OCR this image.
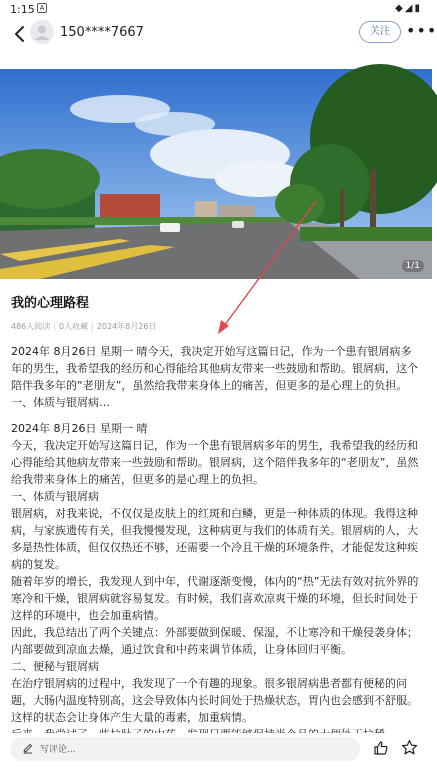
1:15 A	◆◢▮
150****7667	关注	•••
1/1
我的心理路程
486人阅读 | 0人收藏 | 2024年8月26日

2024年 8月26日 星期一 晴今天，我决定开始写这篇日记，作为一个患有银屑病多年的男生，我希望我的经历和心得能给其他病友带来一些鼓励和帮助。银屑病，这个陪伴我多年的“老朋友”，虽然给我带来身体上的痛苦，但更多的是心理上的负担。一、体质与银屑病…

2024年 8月26日 星期一 晴

今天，我决定开始写这篇日记，作为一个患有银屑病多年的男生，我希望我的经历和心得能给其他病友带来一些鼓励和帮助。银屑病，这个陪伴我多年的“老朋友”，虽然给我带来身体上的痛苦，但更多的是心理上的负担。

一、体质与银屑病

银屑病，对我来说，不仅仅是皮肤上的红斑和白鳞，更是一种体质的体现。我得这种病，与家族遗传有关，但我慢慢发现，这种病更与我们的体质有关。银屑病的人，大多是热性体质，但仅仅热还不够，还需要一个冷且干燥的环境条件，才能促发这种疾病的复发。

随着年岁的增长，我发现人到中年，代谢逐渐变慢，体内的“热”无法有效对抗外界的寒冷和干燥，银屑病就容易复发。有时候，我们喜欢凉爽干燥的环境，但长时间处于这样的环境中，也会加重病情。

因此，我总结出了两个关键点：外部要做到保暖、保湿，不让寒冷和干燥侵袭身体；内部要做到凉血去燥，通过饮食和中药来调节体质，让身体回归平衡。

二、便秘与银屑病

在治疗银屑病的过程中，我发现了一个有趣的现象。很多银屑病患者都有便秘的问题，大肠内温度特别高，这会导致体内长时间处于热燥状态，胃内也会感到不舒服。这样的状态会让身体产生大量的毒素，加重病情。

写评论...
